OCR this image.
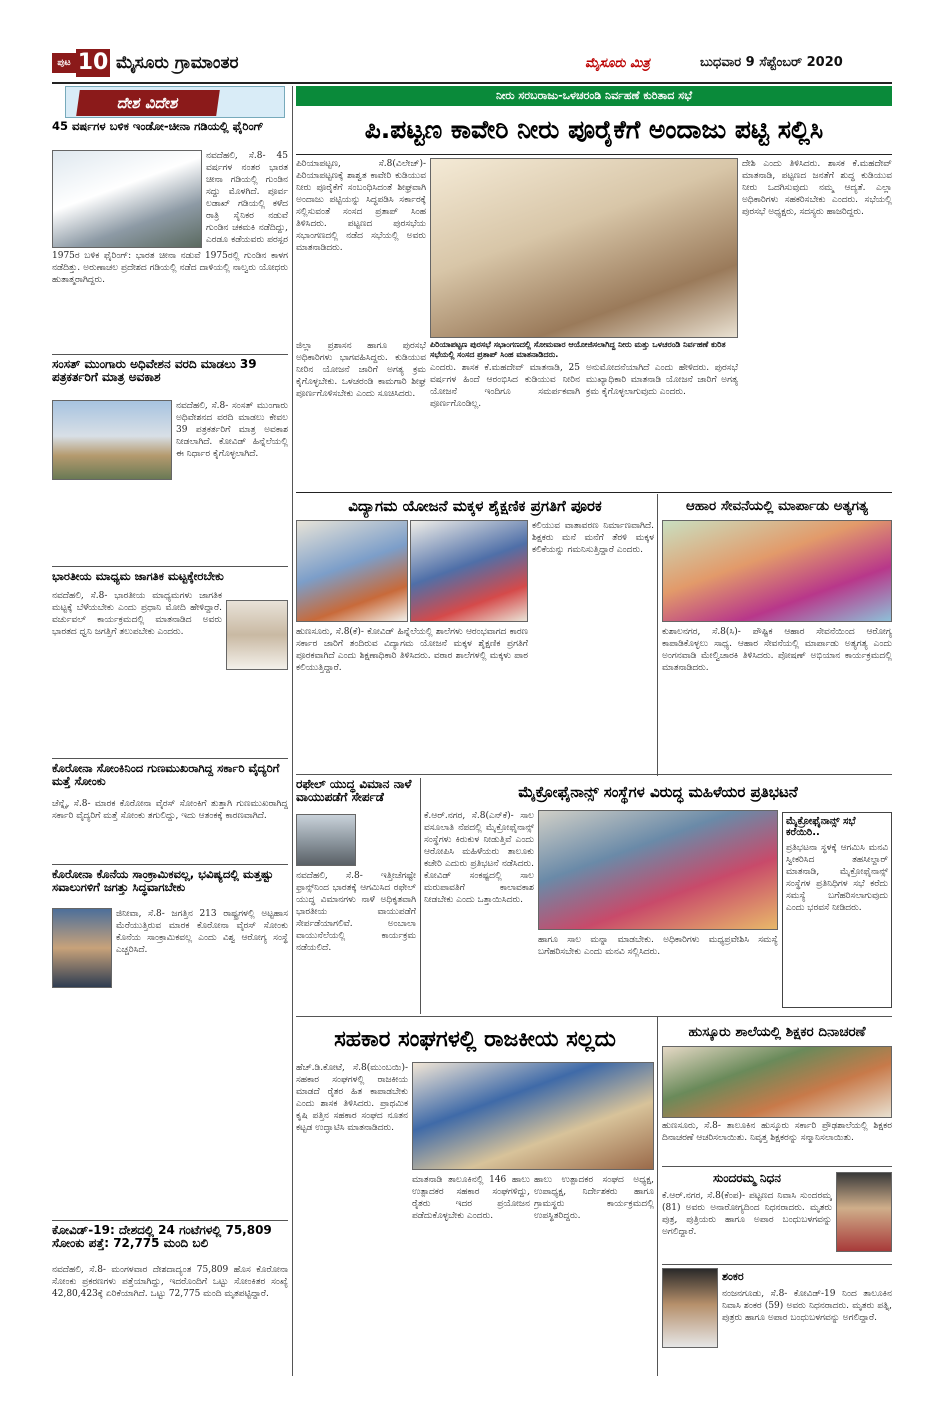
ಪುಟ 10 ಮೈಸೂರು ಗ್ರಾಮಾಂತರ	ಮೈಸೂರು ಮಿತ್ರ	ಬುಧವಾರ 9 ಸೆಪ್ಟೆಂಬರ್ 2020
ದೇಶ ವಿದೇಶ
45 ವರ್ಷಗಳ ಬಳಿಕ ಇಂಡೋ-ಚೀನಾ ಗಡಿಯಲ್ಲಿ ಫೈರಿಂಗ್
ನವದೆಹಲಿ, ಸೆ.8- 45 ವರ್ಷಗಳ ನಂತರ ಭಾರತ ಚೀನಾ ಗಡಿಯಲ್ಲಿ ಗುಂಡಿನ ಸದ್ದು ಮೊಳಗಿದೆ. ಪೂರ್ವ ಲಡಾಖ್ ಗಡಿಯಲ್ಲಿ ಕಳೆದ ರಾತ್ರಿ ಸೈನಿಕರ ನಡುವೆ ಗುಂಡಿನ ಚಕಮಕಿ ನಡೆದಿದ್ದು, ಎರಡೂ ಕಡೆಯವರು ಪರಸ್ಪರ
1975ರ ಬಳಿಕ ಫೈರಿಂಗ್: ಭಾರತ ಚೀನಾ ನಡುವೆ 1975ರಲ್ಲಿ ಗುಂಡಿನ ಕಾಳಗ ನಡೆದಿತ್ತು. ಅರುಣಾಚಲ ಪ್ರದೇಶದ ಗಡಿಯಲ್ಲಿ ನಡೆದ ದಾಳಿಯಲ್ಲಿ ನಾಲ್ವರು ಯೋಧರು ಹುತಾತ್ಮರಾಗಿದ್ದರು.
ಸಂಸತ್ ಮುಂಗಾರು ಅಧಿವೇಶನ ವರದಿ ಮಾಡಲು 39 ಪತ್ರಕರ್ತರಿಗೆ ಮಾತ್ರ ಅವಕಾಶ
ನವದೆಹಲಿ, ಸೆ.8- ಸಂಸತ್ ಮುಂಗಾರು ಅಧಿವೇಶನದ ವರದಿ ಮಾಡಲು ಕೇವಲ 39 ಪತ್ರಕರ್ತರಿಗೆ ಮಾತ್ರ ಅವಕಾಶ ನೀಡಲಾಗಿದೆ. ಕೋವಿಡ್ ಹಿನ್ನೆಲೆಯಲ್ಲಿ ಈ ನಿರ್ಧಾರ ಕೈಗೊಳ್ಳಲಾಗಿದೆ.
ಭಾರತೀಯ ಮಾಧ್ಯಮ ಜಾಗತಿಕ ಮಟ್ಟಕ್ಕೇರಬೇಕು
ನವದೆಹಲಿ, ಸೆ.8- ಭಾರತೀಯ ಮಾಧ್ಯಮಗಳು ಜಾಗತಿಕ ಮಟ್ಟಕ್ಕೆ ಬೆಳೆಯಬೇಕು ಎಂದು ಪ್ರಧಾನಿ ಮೋದಿ ಹೇಳಿದ್ದಾರೆ. ವರ್ಚುವಲ್ ಕಾರ್ಯಕ್ರಮದಲ್ಲಿ ಮಾತನಾಡಿದ ಅವರು ಭಾರತದ ಧ್ವನಿ ಜಗತ್ತಿಗೆ ತಲುಪಬೇಕು ಎಂದರು.
ಕೊರೋನಾ ಸೋಂಕಿನಿಂದ ಗುಣಮುಖರಾಗಿದ್ದ ಸರ್ಕಾರಿ ವೈದ್ಯರಿಗೆ ಮತ್ತೆ ಸೋಂಕು
ಚೆನ್ನೈ, ಸೆ.8- ಮಾರಕ ಕೊರೋನಾ ವೈರಸ್ ಸೋಂಕಿಗೆ ತುತ್ತಾಗಿ ಗುಣಮುಖರಾಗಿದ್ದ ಸರ್ಕಾರಿ ವೈದ್ಯರಿಗೆ ಮತ್ತೆ ಸೋಂಕು ತಗುಲಿದ್ದು, ಇದು ಆತಂಕಕ್ಕೆ ಕಾರಣವಾಗಿದೆ.
ಕೊರೋನಾ ಕೊನೆಯ ಸಾಂಕ್ರಾಮಿಕವಲ್ಲ, ಭವಿಷ್ಯದಲ್ಲಿ ಮತ್ತಷ್ಟು ಸವಾಲುಗಳಿಗೆ ಜಗತ್ತು ಸಿದ್ಧವಾಗಬೇಕು
ಜಿನೀವಾ, ಸೆ.8- ಜಗತ್ತಿನ 213 ರಾಷ್ಟ್ರಗಳಲ್ಲಿ ಅಟ್ಟಹಾಸ ಮೆರೆಯುತ್ತಿರುವ ಮಾರಕ ಕೊರೋನಾ ವೈರಸ್ ಸೋಂಕು ಕೊನೆಯ ಸಾಂಕ್ರಾಮಿಕವಲ್ಲ ಎಂದು ವಿಶ್ವ ಆರೋಗ್ಯ ಸಂಸ್ಥೆ ಎಚ್ಚರಿಸಿದೆ.
ಕೋವಿಡ್-19: ದೇಶದಲ್ಲಿ 24 ಗಂಟೆಗಳಲ್ಲಿ 75,809 ಸೋಂಕು ಪತ್ತೆ: 72,775 ಮಂದಿ ಬಲಿ
ನವದೆಹಲಿ, ಸೆ.8- ಮಂಗಳವಾರ ದೇಶದಾದ್ಯಂತ 75,809 ಹೊಸ ಕೊರೋನಾ ಸೋಂಕು ಪ್ರಕರಣಗಳು ಪತ್ತೆಯಾಗಿದ್ದು, ಇದರೊಂದಿಗೆ ಒಟ್ಟು ಸೋಂಕಿತರ ಸಂಖ್ಯೆ 42,80,423ಕ್ಕೆ ಏರಿಕೆಯಾಗಿದೆ. ಒಟ್ಟು 72,775 ಮಂದಿ ಮೃತಪಟ್ಟಿದ್ದಾರೆ.
ನೀರು ಸರಬರಾಜು-ಒಳಚರಂಡಿ ನಿರ್ವಹಣೆ ಕುರಿತಾದ ಸಭೆ
ಪಿ.ಪಟ್ಟಣ ಕಾವೇರಿ ನೀರು ಪೂರೈಕೆಗೆ ಅಂದಾಜು ಪಟ್ಟಿ ಸಲ್ಲಿಸಿ
ಪಿರಿಯಾಪಟ್ಟಣ, ಸೆ.8(ವಿಲೇಜ್)- ಪಿರಿಯಾಪಟ್ಟಣಕ್ಕೆ ಶಾಶ್ವತ ಕಾವೇರಿ ಕುಡಿಯುವ ನೀರು ಪೂರೈಕೆಗೆ ಸಂಬಂಧಿಸಿದಂತೆ ಶೀಘ್ರವಾಗಿ ಅಂದಾಜು ಪಟ್ಟಿಯನ್ನು ಸಿದ್ಧಪಡಿಸಿ ಸರ್ಕಾರಕ್ಕೆ ಸಲ್ಲಿಸುವಂತೆ ಸಂಸದ ಪ್ರತಾಪ್ ಸಿಂಹ ತಿಳಿಸಿದರು. ಪಟ್ಟಣದ ಪುರಸಭೆಯ ಸಭಾಂಗಣದಲ್ಲಿ ನಡೆದ ಸಭೆಯಲ್ಲಿ ಅವರು ಮಾತನಾಡಿದರು.
ದೇಶಿ ಎಂದು ತಿಳಿಸಿದರು. ಶಾಸಕ ಕೆ.ಮಹದೇವ್ ಮಾತನಾಡಿ, ಪಟ್ಟಣದ ಜನತೆಗೆ ಶುದ್ಧ ಕುಡಿಯುವ ನೀರು ಒದಗಿಸುವುದು ನಮ್ಮ ಆದ್ಯತೆ. ಎಲ್ಲಾ ಅಧಿಕಾರಿಗಳು ಸಹಕರಿಸಬೇಕು ಎಂದರು. ಸಭೆಯಲ್ಲಿ ಪುರಸಭೆ ಅಧ್ಯಕ್ಷರು, ಸದಸ್ಯರು ಹಾಜರಿದ್ದರು.
ಜಿಲ್ಲಾ ಪ್ರಶಾಸನ ಹಾಗೂ ಪುರಸಭೆ ಅಧಿಕಾರಿಗಳು ಭಾಗವಹಿಸಿದ್ದರು. ಕುಡಿಯುವ ನೀರಿನ ಯೋಜನೆ ಜಾರಿಗೆ ಅಗತ್ಯ ಕ್ರಮ ಕೈಗೊಳ್ಳಬೇಕು. ಒಳಚರಂಡಿ ಕಾಮಗಾರಿ ಶೀಘ್ರ ಪೂರ್ಣಗೊಳಿಸಬೇಕು ಎಂದು ಸೂಚಿಸಿದರು.
ಪಿರಿಯಾಪಟ್ಟಣ ಪುರಸಭೆ ಸಭಾಂಗಣದಲ್ಲಿ ಸೋಮವಾರ ಆಯೋಜಿಸಲಾಗಿದ್ದ ನೀರು ಮತ್ತು ಒಳಚರಂಡಿ ನಿರ್ವಹಣೆ ಕುರಿತ ಸಭೆಯಲ್ಲಿ ಸಂಸದ ಪ್ರತಾಪ್ ಸಿಂಹ ಮಾತನಾಡಿದರು.
ಎಂದರು. ಶಾಸಕ ಕೆ.ಮಹದೇವ್ ಮಾತನಾಡಿ, 25 ವರ್ಷಗಳ ಹಿಂದೆ ಆರಂಭಿಸಿದ ಕುಡಿಯುವ ನೀರಿನ ಯೋಜನೆ ಇಂದಿಗೂ ಸಮರ್ಪಕವಾಗಿ ಪೂರ್ಣಗೊಂಡಿಲ್ಲ.
ಅನುಮೋದನೆಯಾಗಿದೆ ಎಂದು ಹೇಳಿದರು. ಪುರಸಭೆ ಮುಖ್ಯಾಧಿಕಾರಿ ಮಾತನಾಡಿ ಯೋಜನೆ ಜಾರಿಗೆ ಅಗತ್ಯ ಕ್ರಮ ಕೈಗೊಳ್ಳಲಾಗುವುದು ಎಂದರು.
ವಿದ್ಯಾಗಮ ಯೋಜನೆ ಮಕ್ಕಳ ಶೈಕ್ಷಣಿಕ ಪ್ರಗತಿಗೆ ಪೂರಕ
ಕಲಿಯುವ ವಾತಾವರಣ ನಿರ್ಮಾಣವಾಗಿದೆ. ಶಿಕ್ಷಕರು ಮನೆ ಮನೆಗೆ ತೆರಳಿ ಮಕ್ಕಳ ಕಲಿಕೆಯನ್ನು ಗಮನಿಸುತ್ತಿದ್ದಾರೆ ಎಂದರು.
ಹುಣಸೂರು, ಸೆ.8(ಕೆ)- ಕೋವಿಡ್ ಹಿನ್ನೆಲೆಯಲ್ಲಿ ಶಾಲೆಗಳು ಆರಂಭವಾಗದ ಕಾರಣ ಸರ್ಕಾರ ಜಾರಿಗೆ ತಂದಿರುವ ವಿದ್ಯಾಗಮ ಯೋಜನೆ ಮಕ್ಕಳ ಶೈಕ್ಷಣಿಕ ಪ್ರಗತಿಗೆ ಪೂರಕವಾಗಿದೆ ಎಂದು ಶಿಕ್ಷಣಾಧಿಕಾರಿ ತಿಳಿಸಿದರು. ವಠಾರ ಶಾಲೆಗಳಲ್ಲಿ ಮಕ್ಕಳು ಪಾಠ ಕಲಿಯುತ್ತಿದ್ದಾರೆ.
ಆಹಾರ ಸೇವನೆಯಲ್ಲಿ ಮಾರ್ಪಾಡು ಅತ್ಯಗತ್ಯ
ಕುಶಾಲನಗರ, ಸೆ.8(ಸಿ)- ಪೌಷ್ಟಿಕ ಆಹಾರ ಸೇವನೆಯಿಂದ ಆರೋಗ್ಯ ಕಾಪಾಡಿಕೊಳ್ಳಲು ಸಾಧ್ಯ. ಆಹಾರ ಸೇವನೆಯಲ್ಲಿ ಮಾರ್ಪಾಡು ಅತ್ಯಗತ್ಯ ಎಂದು ಅಂಗನವಾಡಿ ಮೇಲ್ವಿಚಾರಕಿ ತಿಳಿಸಿದರು. ಪೋಷಣ್ ಅಭಿಯಾನ ಕಾರ್ಯಕ್ರಮದಲ್ಲಿ ಮಾತನಾಡಿದರು.
ರಫೇಲ್ ಯುದ್ಧ ವಿಮಾನ ನಾಳೆ ವಾಯುಪಡೆಗೆ ಸೇರ್ಪಡೆ
ನವದೆಹಲಿ, ಸೆ.8- ಇತ್ತೀಚೆಗಷ್ಟೇ ಫ್ರಾನ್ಸ್‌ನಿಂದ ಭಾರತಕ್ಕೆ ಆಗಮಿಸಿದ ರಫೇಲ್ ಯುದ್ಧ ವಿಮಾನಗಳು ನಾಳೆ ಅಧಿಕೃತವಾಗಿ ಭಾರತೀಯ ವಾಯುಪಡೆಗೆ ಸೇರ್ಪಡೆಯಾಗಲಿವೆ. ಅಂಬಾಲಾ ವಾಯುನೆಲೆಯಲ್ಲಿ ಕಾರ್ಯಕ್ರಮ ನಡೆಯಲಿದೆ.
ಮೈಕ್ರೋಫೈನಾನ್ಸ್ ಸಂಸ್ಥೆಗಳ ವಿರುದ್ಧ ಮಹಿಳೆಯರ ಪ್ರತಿಭಟನೆ
ಕೆ.ಆರ್.ನಗರ, ಸೆ.8(ಎನ್‌ಕೆ)- ಸಾಲ ವಸೂಲಾತಿ ನೆಪದಲ್ಲಿ ಮೈಕ್ರೋಫೈನಾನ್ಸ್ ಸಂಸ್ಥೆಗಳು ಕಿರುಕುಳ ನೀಡುತ್ತಿವೆ ಎಂದು ಆರೋಪಿಸಿ ಮಹಿಳೆಯರು ತಾಲೂಕು ಕಚೇರಿ ಎದುರು ಪ್ರತಿಭಟನೆ ನಡೆಸಿದರು. ಕೋವಿಡ್ ಸಂಕಷ್ಟದಲ್ಲಿ ಸಾಲ ಮರುಪಾವತಿಗೆ ಕಾಲಾವಕಾಶ ನೀಡಬೇಕು ಎಂದು ಒತ್ತಾಯಿಸಿದರು.
ಹಾಗೂ ಸಾಲ ಮನ್ನಾ ಮಾಡಬೇಕು. ಅಧಿಕಾರಿಗಳು ಮಧ್ಯಪ್ರವೇಶಿಸಿ ಸಮಸ್ಯೆ ಬಗೆಹರಿಸಬೇಕು ಎಂದು ಮನವಿ ಸಲ್ಲಿಸಿದರು.
ಮೈಕ್ರೋಫೈನಾನ್ಸ್ ಸಭೆ ಕರೆಯಿರಿ..
ಪ್ರತಿಭಟನಾ ಸ್ಥಳಕ್ಕೆ ಆಗಮಿಸಿ ಮನವಿ ಸ್ವೀಕರಿಸಿದ ತಹಸೀಲ್ದಾರ್ ಮಾತನಾಡಿ, ಮೈಕ್ರೋಫೈನಾನ್ಸ್ ಸಂಸ್ಥೆಗಳ ಪ್ರತಿನಿಧಿಗಳ ಸಭೆ ಕರೆದು ಸಮಸ್ಯೆ ಬಗೆಹರಿಸಲಾಗುವುದು ಎಂದು ಭರವಸೆ ನೀಡಿದರು.
ಸಹಕಾರ ಸಂಘಗಳಲ್ಲಿ ರಾಜಕೀಯ ಸಲ್ಲದು
ಹೆಚ್.ಡಿ.ಕೋಟೆ, ಸೆ.8(ಮುಂಬಯಿ)- ಸಹಕಾರ ಸಂಘಗಳಲ್ಲಿ ರಾಜಕೀಯ ಮಾಡದೆ ರೈತರ ಹಿತ ಕಾಪಾಡಬೇಕು ಎಂದು ಶಾಸಕ ತಿಳಿಸಿದರು. ಪ್ರಾಥಮಿಕ ಕೃಷಿ ಪತ್ತಿನ ಸಹಕಾರ ಸಂಘದ ನೂತನ ಕಟ್ಟಡ ಉದ್ಘಾಟಿಸಿ ಮಾತನಾಡಿದರು.
ಮಾತನಾಡಿ ತಾಲೂಕಿನಲ್ಲಿ 146 ಹಾಲು ಉತ್ಪಾದಕರ ಸಹಕಾರ ಸಂಘಗಳಿದ್ದು, ರೈತರು ಇದರ ಪ್ರಯೋಜನ ಪಡೆದುಕೊಳ್ಳಬೇಕು ಎಂದರು.
ಹಾಲು ಉತ್ಪಾದಕರ ಸಂಘದ ಅಧ್ಯಕ್ಷ, ಉಪಾಧ್ಯಕ್ಷ, ನಿರ್ದೇಶಕರು ಹಾಗೂ ಗ್ರಾಮಸ್ಥರು ಕಾರ್ಯಕ್ರಮದಲ್ಲಿ ಉಪಸ್ಥಿತರಿದ್ದರು.
ಹುಸ್ಕೂರು ಶಾಲೆಯಲ್ಲಿ ಶಿಕ್ಷಕರ ದಿನಾಚರಣೆ
ಹುಣಸೂರು, ಸೆ.8- ತಾಲೂಕಿನ ಹುಸ್ಕೂರು ಸರ್ಕಾರಿ ಪ್ರೌಢಶಾಲೆಯಲ್ಲಿ ಶಿಕ್ಷಕರ ದಿನಾಚರಣೆ ಆಚರಿಸಲಾಯಿತು. ನಿವೃತ್ತ ಶಿಕ್ಷಕರನ್ನು ಸನ್ಮಾನಿಸಲಾಯಿತು.
ಸುಂದರಮ್ಮ ನಿಧನ
ಕೆ.ಆರ್.ನಗರ, ಸೆ.8(ಕೆಂಪ)- ಪಟ್ಟಣದ ನಿವಾಸಿ ಸುಂದರಮ್ಮ (81) ಅವರು ಅನಾರೋಗ್ಯದಿಂದ ನಿಧನರಾದರು. ಮೃತರು ಪುತ್ರ, ಪುತ್ರಿಯರು ಹಾಗೂ ಅಪಾರ ಬಂಧುಬಳಗವನ್ನು ಅಗಲಿದ್ದಾರೆ.
ಶಂಕರ
ನಂಜನಗೂಡು, ಸೆ.8- ಕೋವಿಡ್-19 ನಿಂದ ತಾಲೂಕಿನ ನಿವಾಸಿ ಶಂಕರ (59) ಅವರು ನಿಧನರಾದರು. ಮೃತರು ಪತ್ನಿ, ಪುತ್ರರು ಹಾಗೂ ಅಪಾರ ಬಂಧುಬಳಗವನ್ನು ಅಗಲಿದ್ದಾರೆ.
